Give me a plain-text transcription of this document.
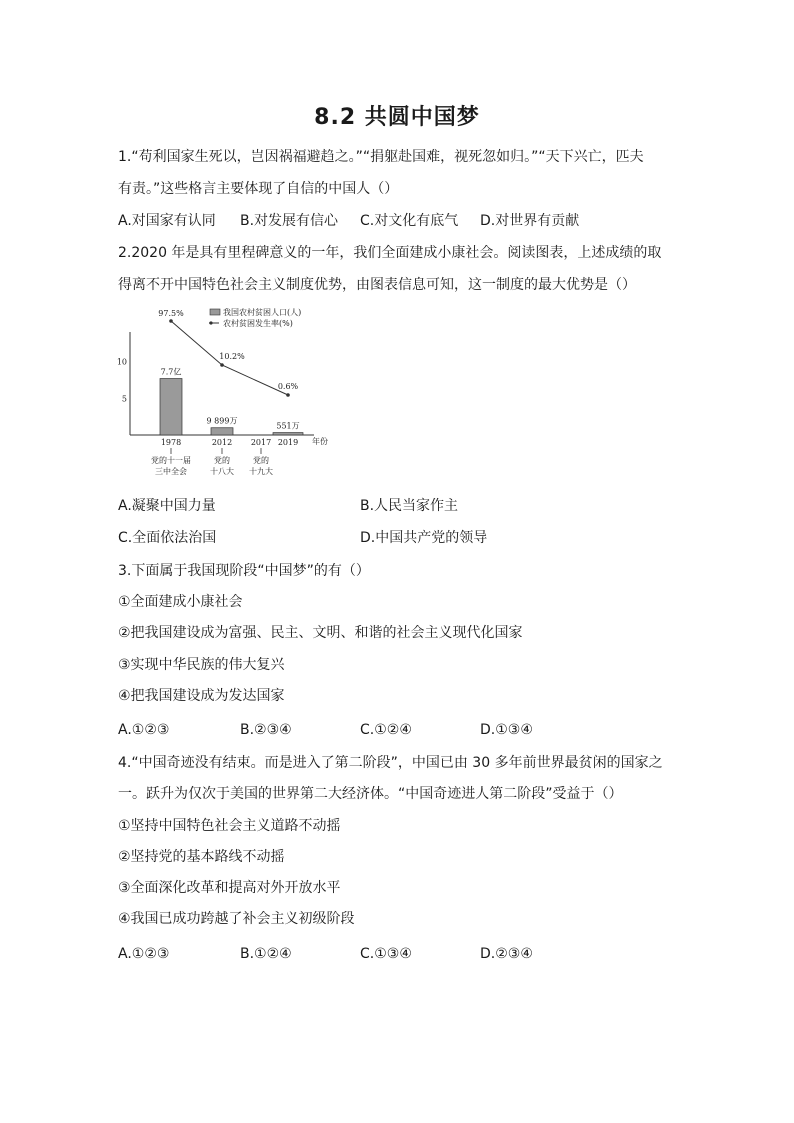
8.2 共圆中国梦
1.“苟利国家生死以，岂因祸福避趋之。”“捐躯赴国难，视死忽如归。”“天下兴亡，匹夫
有责。”这些格言主要体现了自信的中国人（）
A.对国家有认同 B.对发展有信心 C.对文化有底气 D.对世界有贡献
2.2020 年是具有里程碑意义的一年，我们全面建成小康社会。阅读图表，上述成绩的取
得离不开中国特色社会主义制度优势，由图表信息可知，这一制度的最大优势是（）
10
5
7.7亿
9 899万
551万
97.5%
10.2%
0.6%
1978	2012 2017 2019
党的十一届
三中全会
党的
十八大
党的
十九大
我国农村贫困人口(人)
农村贫困发生率(%)
年份
A.凝聚中国力量	B.人民当家作主
C.全面依法治国	D.中国共产党的领导
3.下面属于我国现阶段“中国梦”的有（）
①全面建成小康社会
②把我国建设成为富强、民主、文明、和谐的社会主义现代化国家
③实现中华民族的伟大复兴
④把我国建设成为发达国家
A.①②③	B.②③④	C.①②④	D.①③④
4.“中国奇迹没有结束。而是进入了第二阶段”，中国已由 30 多年前世界最贫闲的国家之
一。跃升为仅次于美国的世界第二大经济体。“中国奇迹进人第二阶段”受益于（）
①坚持中国特色社会主义道路不动摇
②坚持党的基本路线不动摇
③全面深化改革和提高对外开放水平
④我国已成功跨越了补会主义初级阶段
A.①②③	B.①②④	C.①③④	D.②③④
